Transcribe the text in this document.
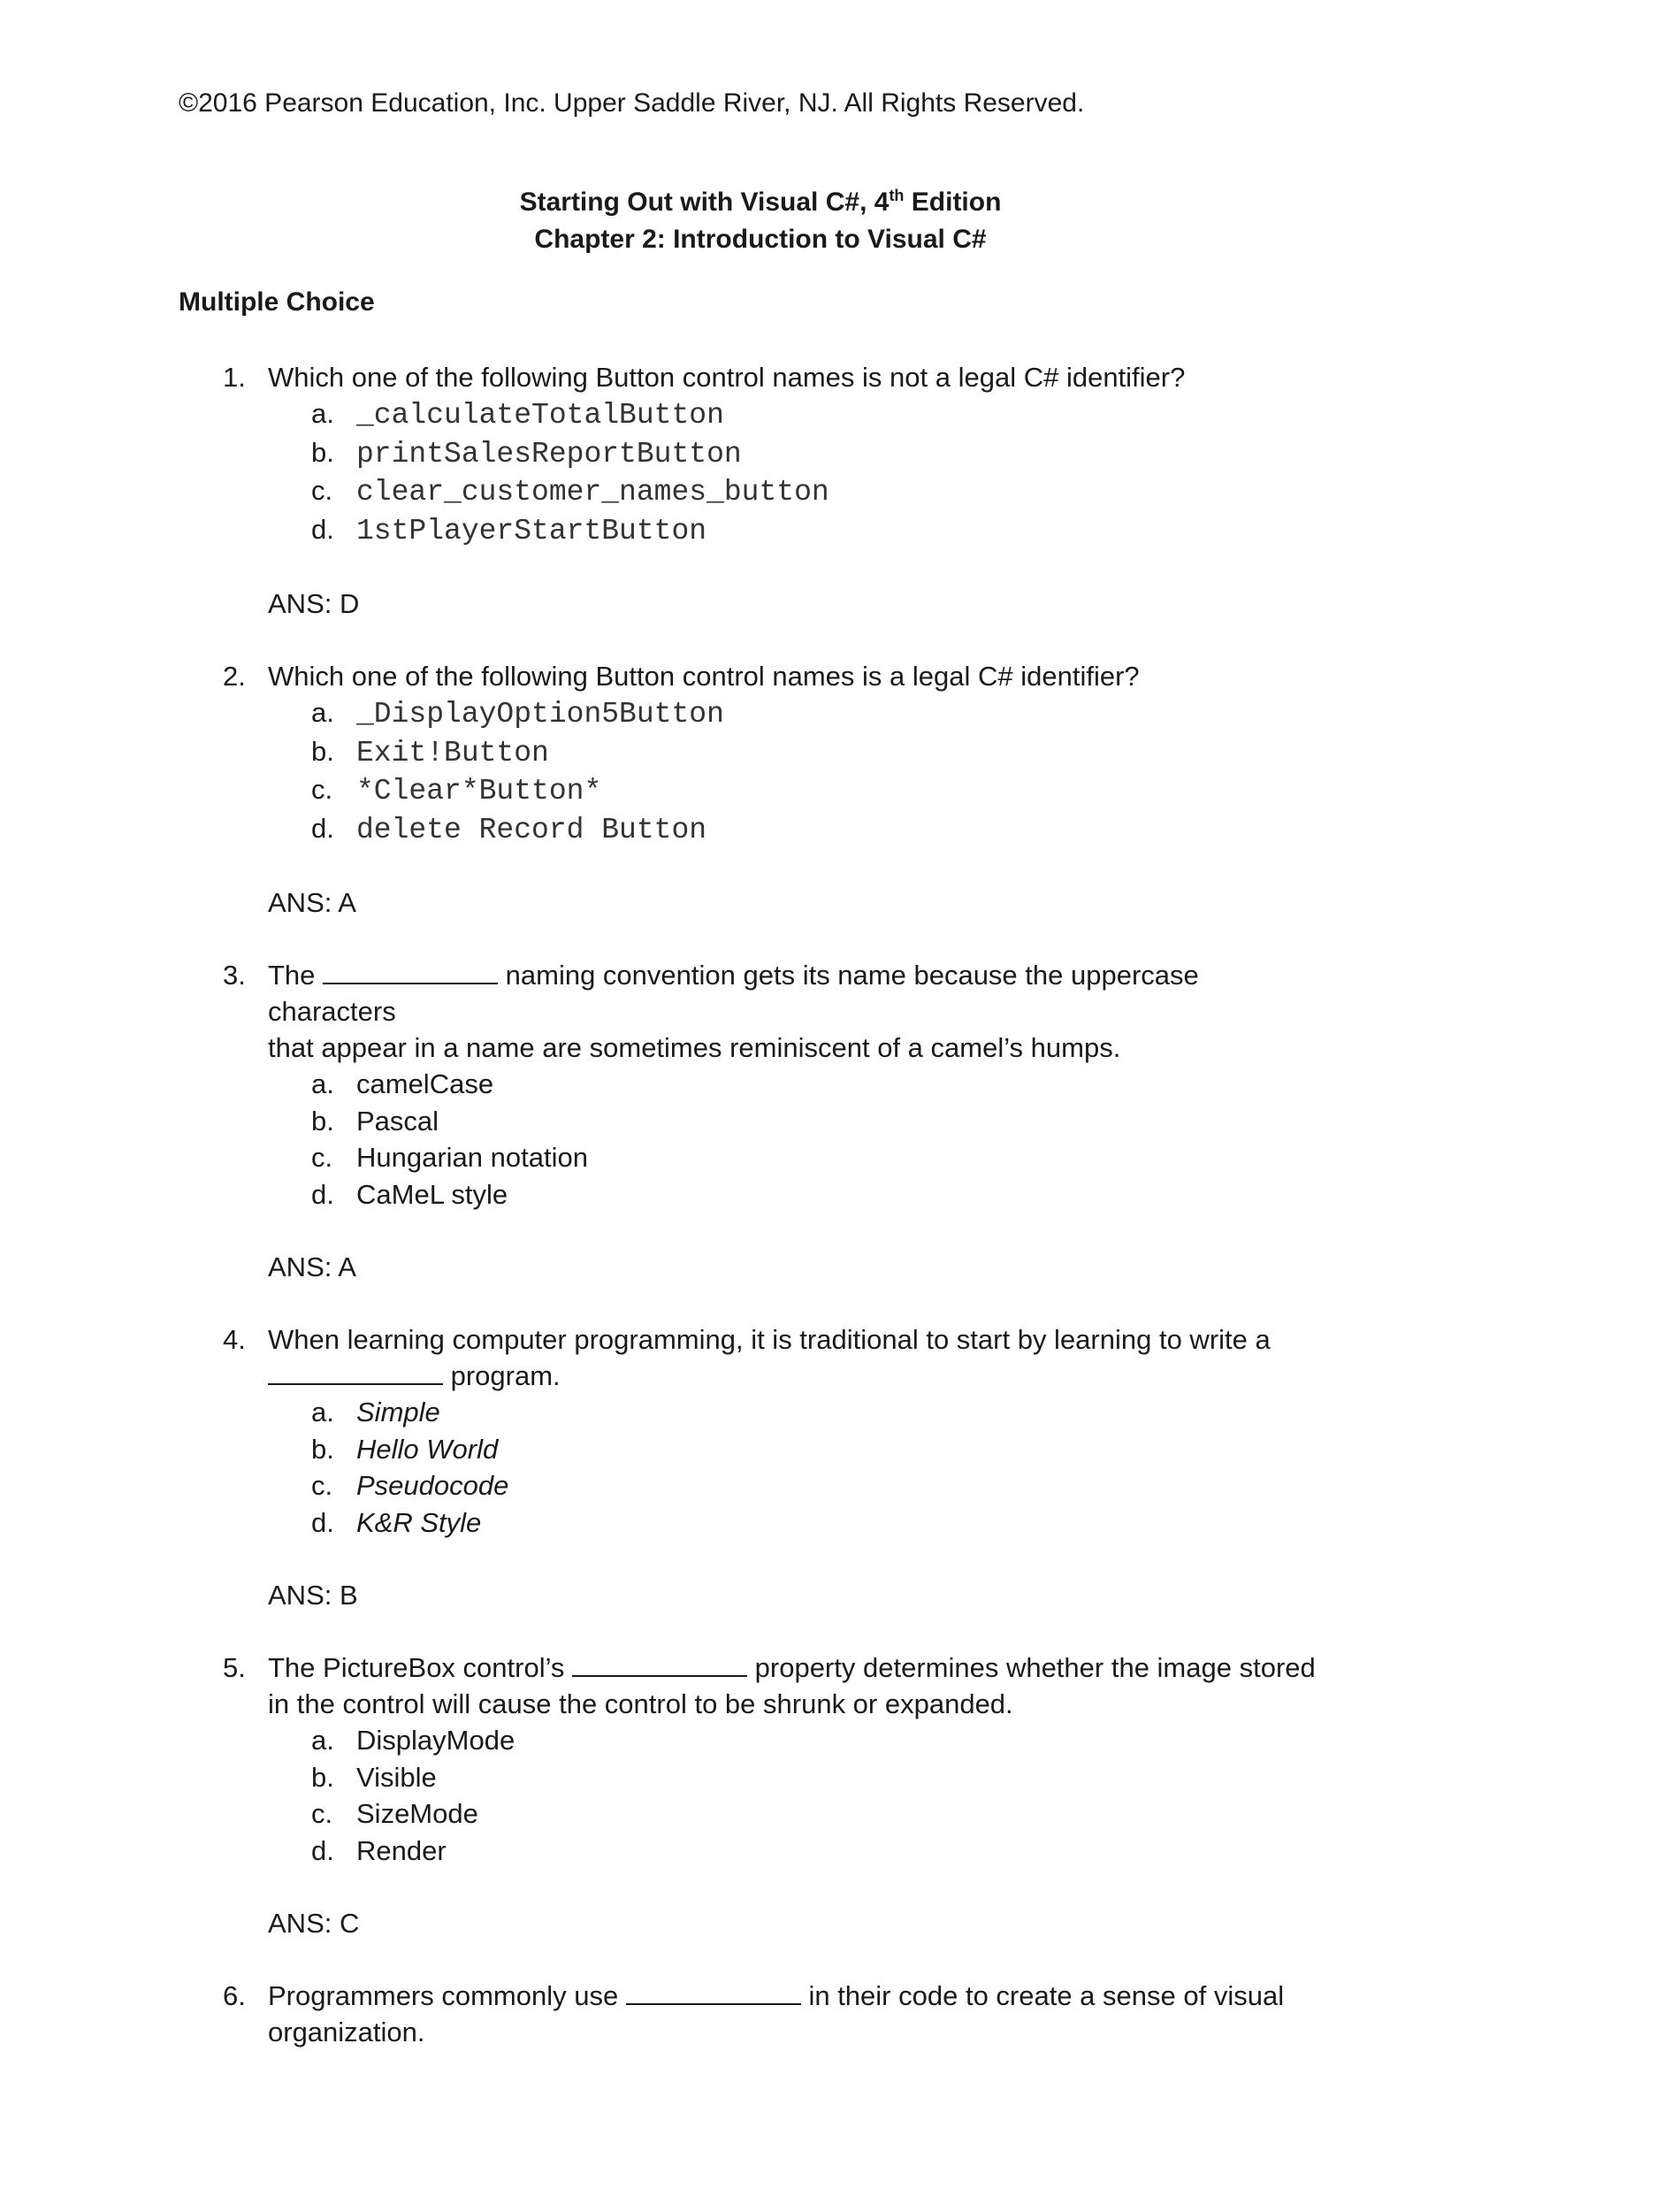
©2016 Pearson Education, Inc. Upper Saddle River, NJ. All Rights Reserved.
Starting Out with Visual C#, 4th Edition
Chapter 2: Introduction to Visual C#
Multiple Choice
1. Which one of the following Button control names is not a legal C# identifier?
a. _calculateTotalButton
b. printSalesReportButton
c. clear_customer_names_button
d. 1stPlayerStartButton
ANS: D
2. Which one of the following Button control names is a legal C# identifier?
a. _DisplayOption5Button
b. Exit!Button
c. *Clear*Button*
d. delete Record Button
ANS: A
3. The	naming convention gets its name because the uppercase characters
that appear in a name are sometimes reminiscent of a camel’s humps.
a. camelCase
b. Pascal
c. Hungarian notation
d. CaMeL style
ANS: A
4. When learning computer programming, it is traditional to start by learning to write a
program.
a. Simple
b. Hello World
c. Pseudocode
d. K&R Style
ANS: B
5. The PictureBox control’s	property determines whether the image stored
in the control will cause the control to be shrunk or expanded.
a. DisplayMode
b. Visible
c. SizeMode
d. Render
ANS: C
6. Programmers commonly use	in their code to create a sense of visual
organization.
